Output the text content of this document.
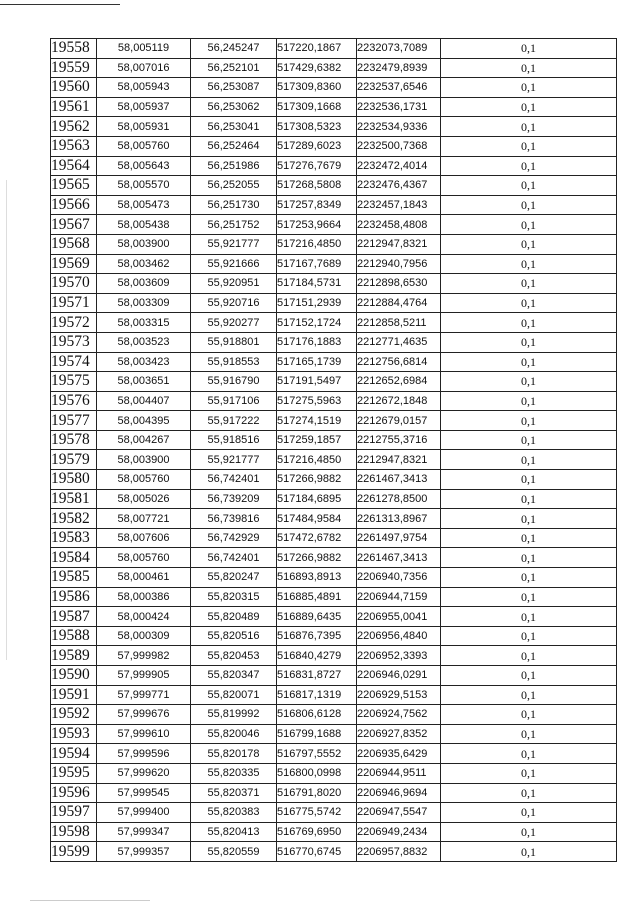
19558	58,005119	56,245247	517220,1867	2232073,7089	0,1
19559	58,007016	56,252101	517429,6382	2232479,8939	0,1
19560	58,005943	56,253087	517309,8360	2232537,6546	0,1
19561	58,005937	56,253062	517309,1668	2232536,1731	0,1
19562	58,005931	56,253041	517308,5323	2232534,9336	0,1
19563	58,005760	56,252464	517289,6023	2232500,7368	0,1
19564	58,005643	56,251986	517276,7679	2232472,4014	0,1
19565	58,005570	56,252055	517268,5808	2232476,4367	0,1
19566	58,005473	56,251730	517257,8349	2232457,1843	0,1
19567	58,005438	56,251752	517253,9664	2232458,4808	0,1
19568	58,003900	55,921777	517216,4850	2212947,8321	0,1
19569	58,003462	55,921666	517167,7689	2212940,7956	0,1
19570	58,003609	55,920951	517184,5731	2212898,6530	0,1
19571	58,003309	55,920716	517151,2939	2212884,4764	0,1
19572	58,003315	55,920277	517152,1724	2212858,5211	0,1
19573	58,003523	55,918801	517176,1883	2212771,4635	0,1
19574	58,003423	55,918553	517165,1739	2212756,6814	0,1
19575	58,003651	55,916790	517191,5497	2212652,6984	0,1
19576	58,004407	55,917106	517275,5963	2212672,1848	0,1
19577	58,004395	55,917222	517274,1519	2212679,0157	0,1
19578	58,004267	55,918516	517259,1857	2212755,3716	0,1
19579	58,003900	55,921777	517216,4850	2212947,8321	0,1
19580	58,005760	56,742401	517266,9882	2261467,3413	0,1
19581	58,005026	56,739209	517184,6895	2261278,8500	0,1
19582	58,007721	56,739816	517484,9584	2261313,8967	0,1
19583	58,007606	56,742929	517472,6782	2261497,9754	0,1
19584	58,005760	56,742401	517266,9882	2261467,3413	0,1
19585	58,000461	55,820247	516893,8913	2206940,7356	0,1
19586	58,000386	55,820315	516885,4891	2206944,7159	0,1
19587	58,000424	55,820489	516889,6435	2206955,0041	0,1
19588	58,000309	55,820516	516876,7395	2206956,4840	0,1
19589	57,999982	55,820453	516840,4279	2206952,3393	0,1
19590	57,999905	55,820347	516831,8727	2206946,0291	0,1
19591	57,999771	55,820071	516817,1319	2206929,5153	0,1
19592	57,999676	55,819992	516806,6128	2206924,7562	0,1
19593	57,999610	55,820046	516799,1688	2206927,8352	0,1
19594	57,999596	55,820178	516797,5552	2206935,6429	0,1
19595	57,999620	55,820335	516800,0998	2206944,9511	0,1
19596	57,999545	55,820371	516791,8020	2206946,9694	0,1
19597	57,999400	55,820383	516775,5742	2206947,5547	0,1
19598	57,999347	55,820413	516769,6950	2206949,2434	0,1
19599	57,999357	55,820559	516770,6745	2206957,8832	0,1
